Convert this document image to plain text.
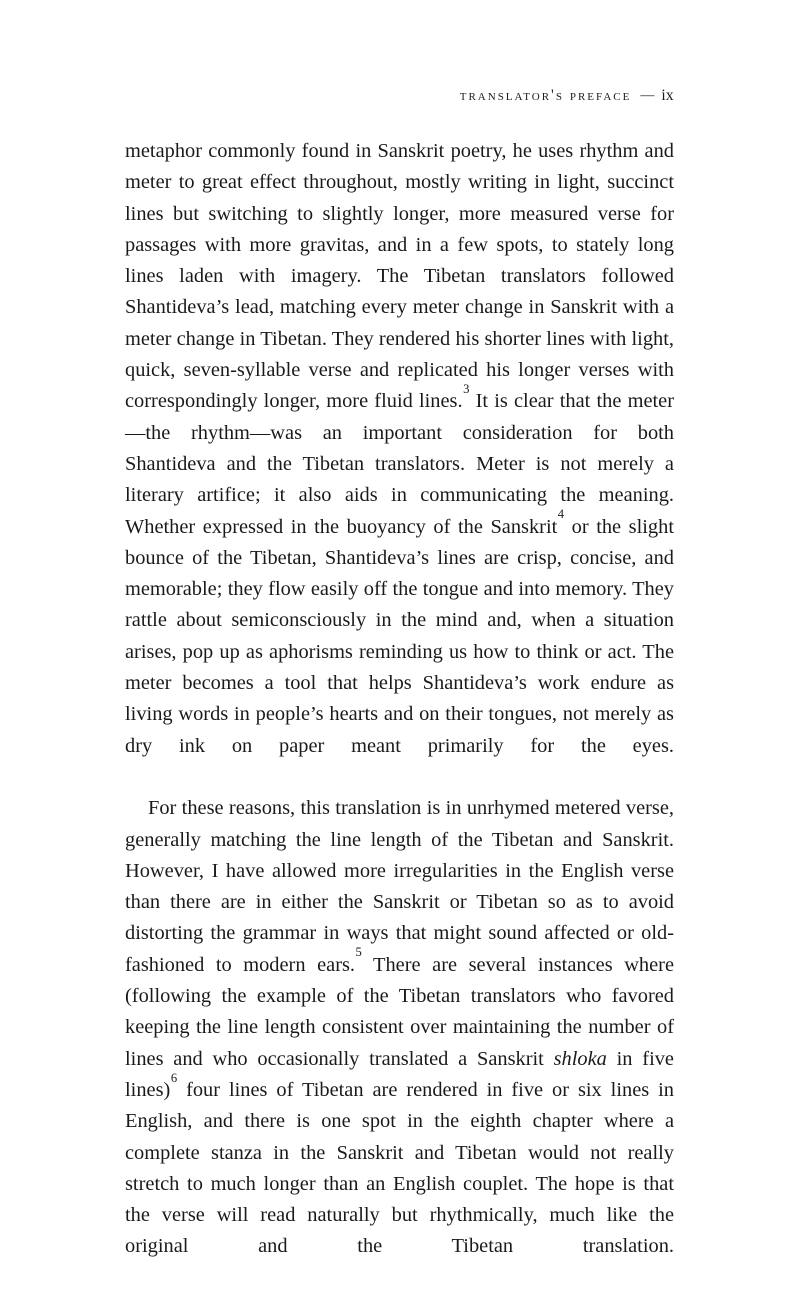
translator's preface — ix

metaphor commonly found in Sanskrit poetry, he uses rhythm and meter to great effect throughout, mostly writing in light, succinct lines but switching to slightly longer, more measured verse for passages with more gravitas, and in a few spots, to stately long lines laden with imagery. The Tibetan translators followed Shantideva’s lead, matching every meter change in Sanskrit with a meter change in Tibetan. They rendered his shorter lines with light, quick, seven-syllable verse and replicated his longer verses with correspondingly longer, more fluid lines.$^3$ It is clear that the meter—the rhythm—was an important consideration for both Shantideva and the Tibetan translators. Meter is not merely a literary artifice; it also aids in communicating the meaning. Whether expressed in the buoyancy of the Sanskrit$^4$ or the slight bounce of the Tibetan, Shantideva’s lines are crisp, concise, and memorable; they flow easily off the tongue and into memory. They rattle about semiconsciously in the mind and, when a situation arises, pop up as aphorisms reminding us how to think or act. The meter becomes a tool that helps Shantideva’s work endure as living words in people’s hearts and on their tongues, not merely as dry ink on paper meant primarily for the eyes.

For these reasons, this translation is in unrhymed metered verse, generally matching the line length of the Tibetan and Sanskrit. However, I have allowed more irregularities in the English verse than there are in either the Sanskrit or Tibetan so as to avoid distorting the grammar in ways that might sound affected or old-fashioned to modern ears.$^5$ There are several instances where (following the example of the Tibetan translators who favored keeping the line length consistent over maintaining the number of lines and who occasionally translated a Sanskrit shloka in five lines)$^6$ four lines of Tibetan are rendered in five or six lines in English, and there is one spot in the eighth chapter where a complete stanza in the Sanskrit and Tibetan would not really stretch to much longer than an English couplet. The hope is that the verse will read naturally but rhythmically, much like the original and the Tibetan translation.
